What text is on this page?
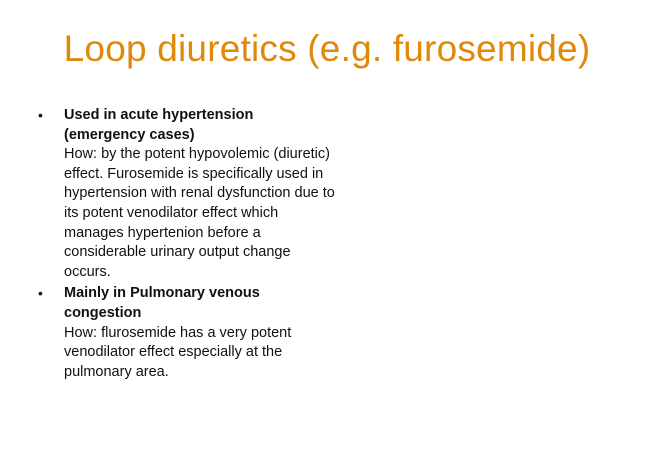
Loop diuretics (e.g. furosemide)
• Used in acute hypertension (emergency cases)
How: by the potent hypovolemic (diuretic) effect. Furosemide is specifically used in hypertension with renal dysfunction due to its potent venodilator effect which manages hypertenion before a considerable urinary output change occurs.
• Mainly in Pulmonary venous congestion
How: flurosemide has a very potent venodilator effect especially at the pulmonary area.
